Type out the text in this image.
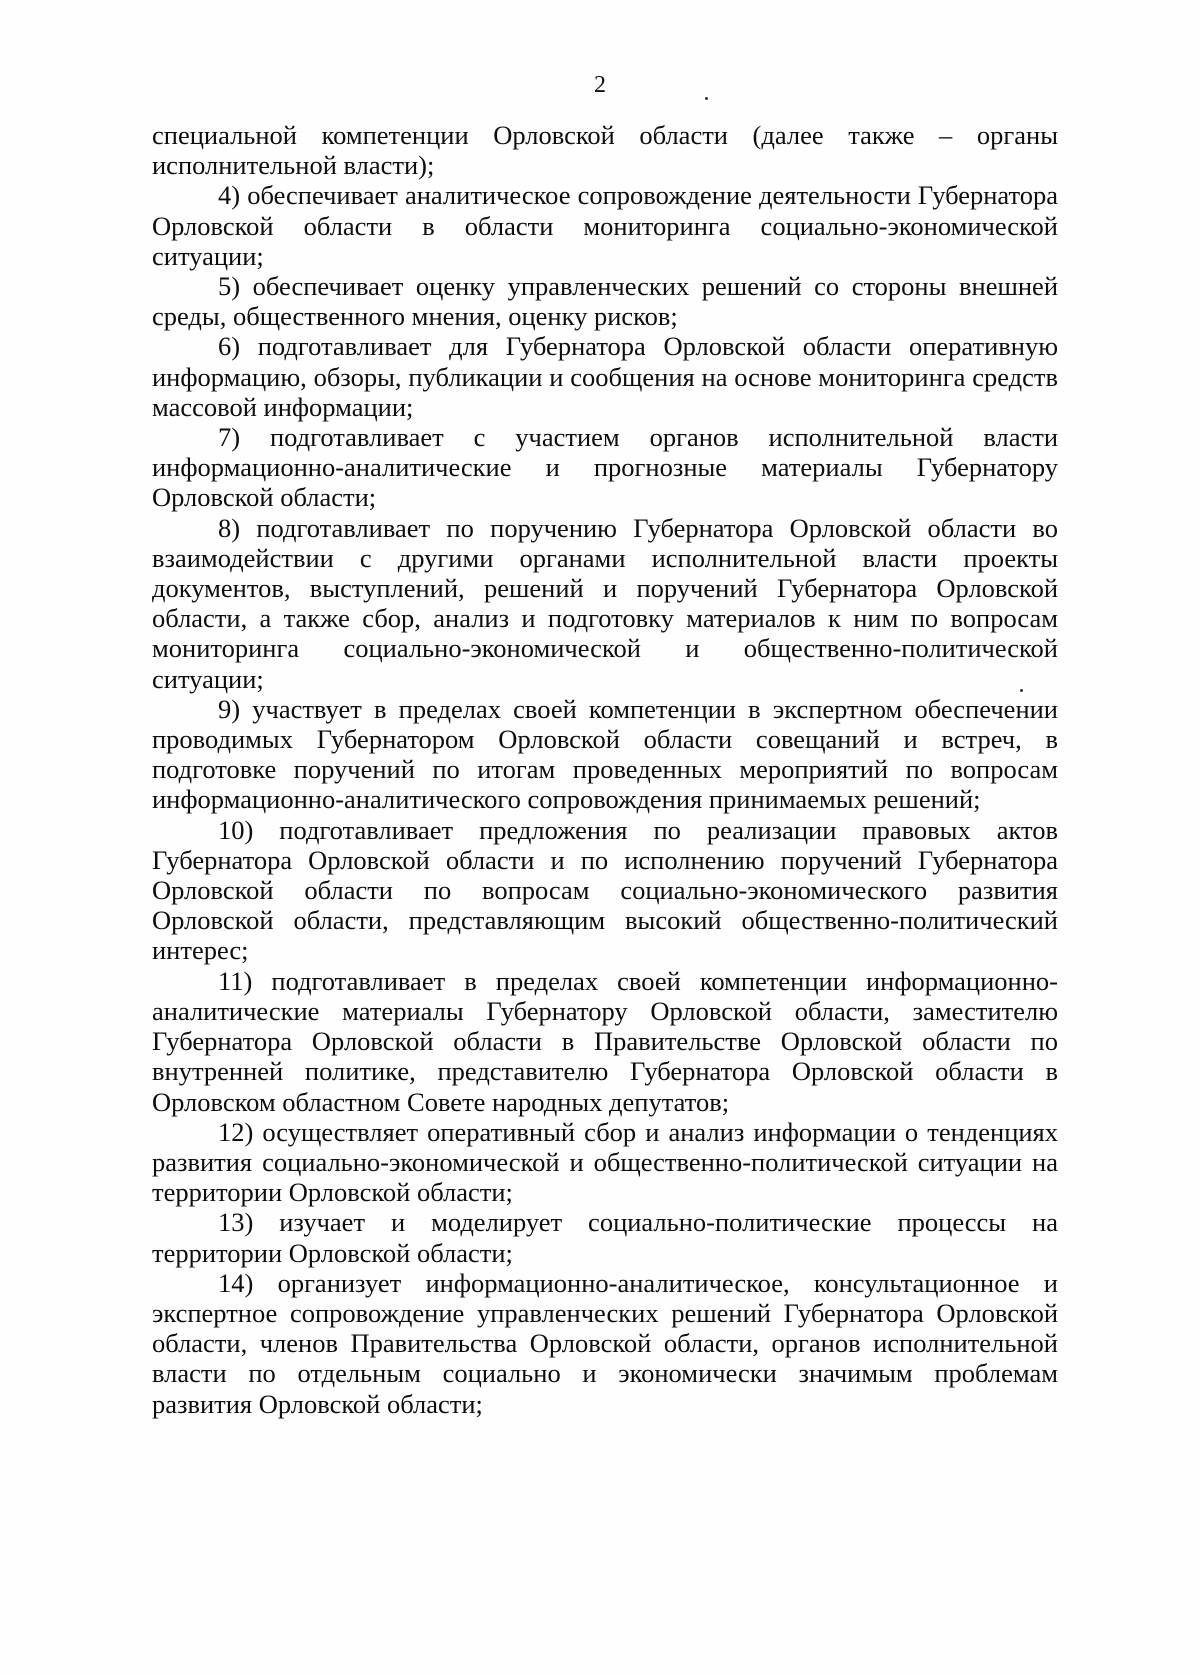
2

специальной компетенции Орловской области (далее также – органы исполнительной власти);

4) обеспечивает аналитическое сопровождение деятельности Губернатора Орловской области в области мониторинга социально-экономической ситуации;

5) обеспечивает оценку управленческих решений со стороны внешней среды, общественного мнения, оценку рисков;

6) подготавливает для Губернатора Орловской области оперативную информацию, обзоры, публикации и сообщения на основе мониторинга средств массовой информации;

7) подготавливает с участием органов исполнительной власти информационно-аналитические и прогнозные материалы Губернатору Орловской области;

8) подготавливает по поручению Губернатора Орловской области во взаимодействии с другими органами исполнительной власти проекты документов, выступлений, решений и поручений Губернатора Орловской области, а также сбор, анализ и подготовку материалов к ним по вопросам мониторинга социально-экономической и общественно-политической ситуации;

9) участвует в пределах своей компетенции в экспертном обеспечении проводимых Губернатором Орловской области совещаний и встреч, в подготовке поручений по итогам проведенных мероприятий по вопросам информационно-аналитического сопровождения принимаемых решений;

10) подготавливает предложения по реализации правовых актов Губернатора Орловской области и по исполнению поручений Губернатора Орловской области по вопросам социально-экономического развития Орловской области, представляющим высокий общественно-политический интерес;

11) подготавливает в пределах своей компетенции информационно-аналитические материалы Губернатору Орловской области, заместителю Губернатора Орловской области в Правительстве Орловской области по внутренней политике, представителю Губернатора Орловской области в Орловском областном Совете народных депутатов;

12) осуществляет оперативный сбор и анализ информации о тенденциях развития социально-экономической и общественно-политической ситуации на территории Орловской области;

13) изучает и моделирует социально-политические процессы на территории Орловской области;

14) организует информационно-аналитическое, консультационное и экспертное сопровождение управленческих решений Губернатора Орловской области, членов Правительства Орловской области, органов исполнительной власти по отдельным социально и экономически значимым проблемам развития Орловской области;
